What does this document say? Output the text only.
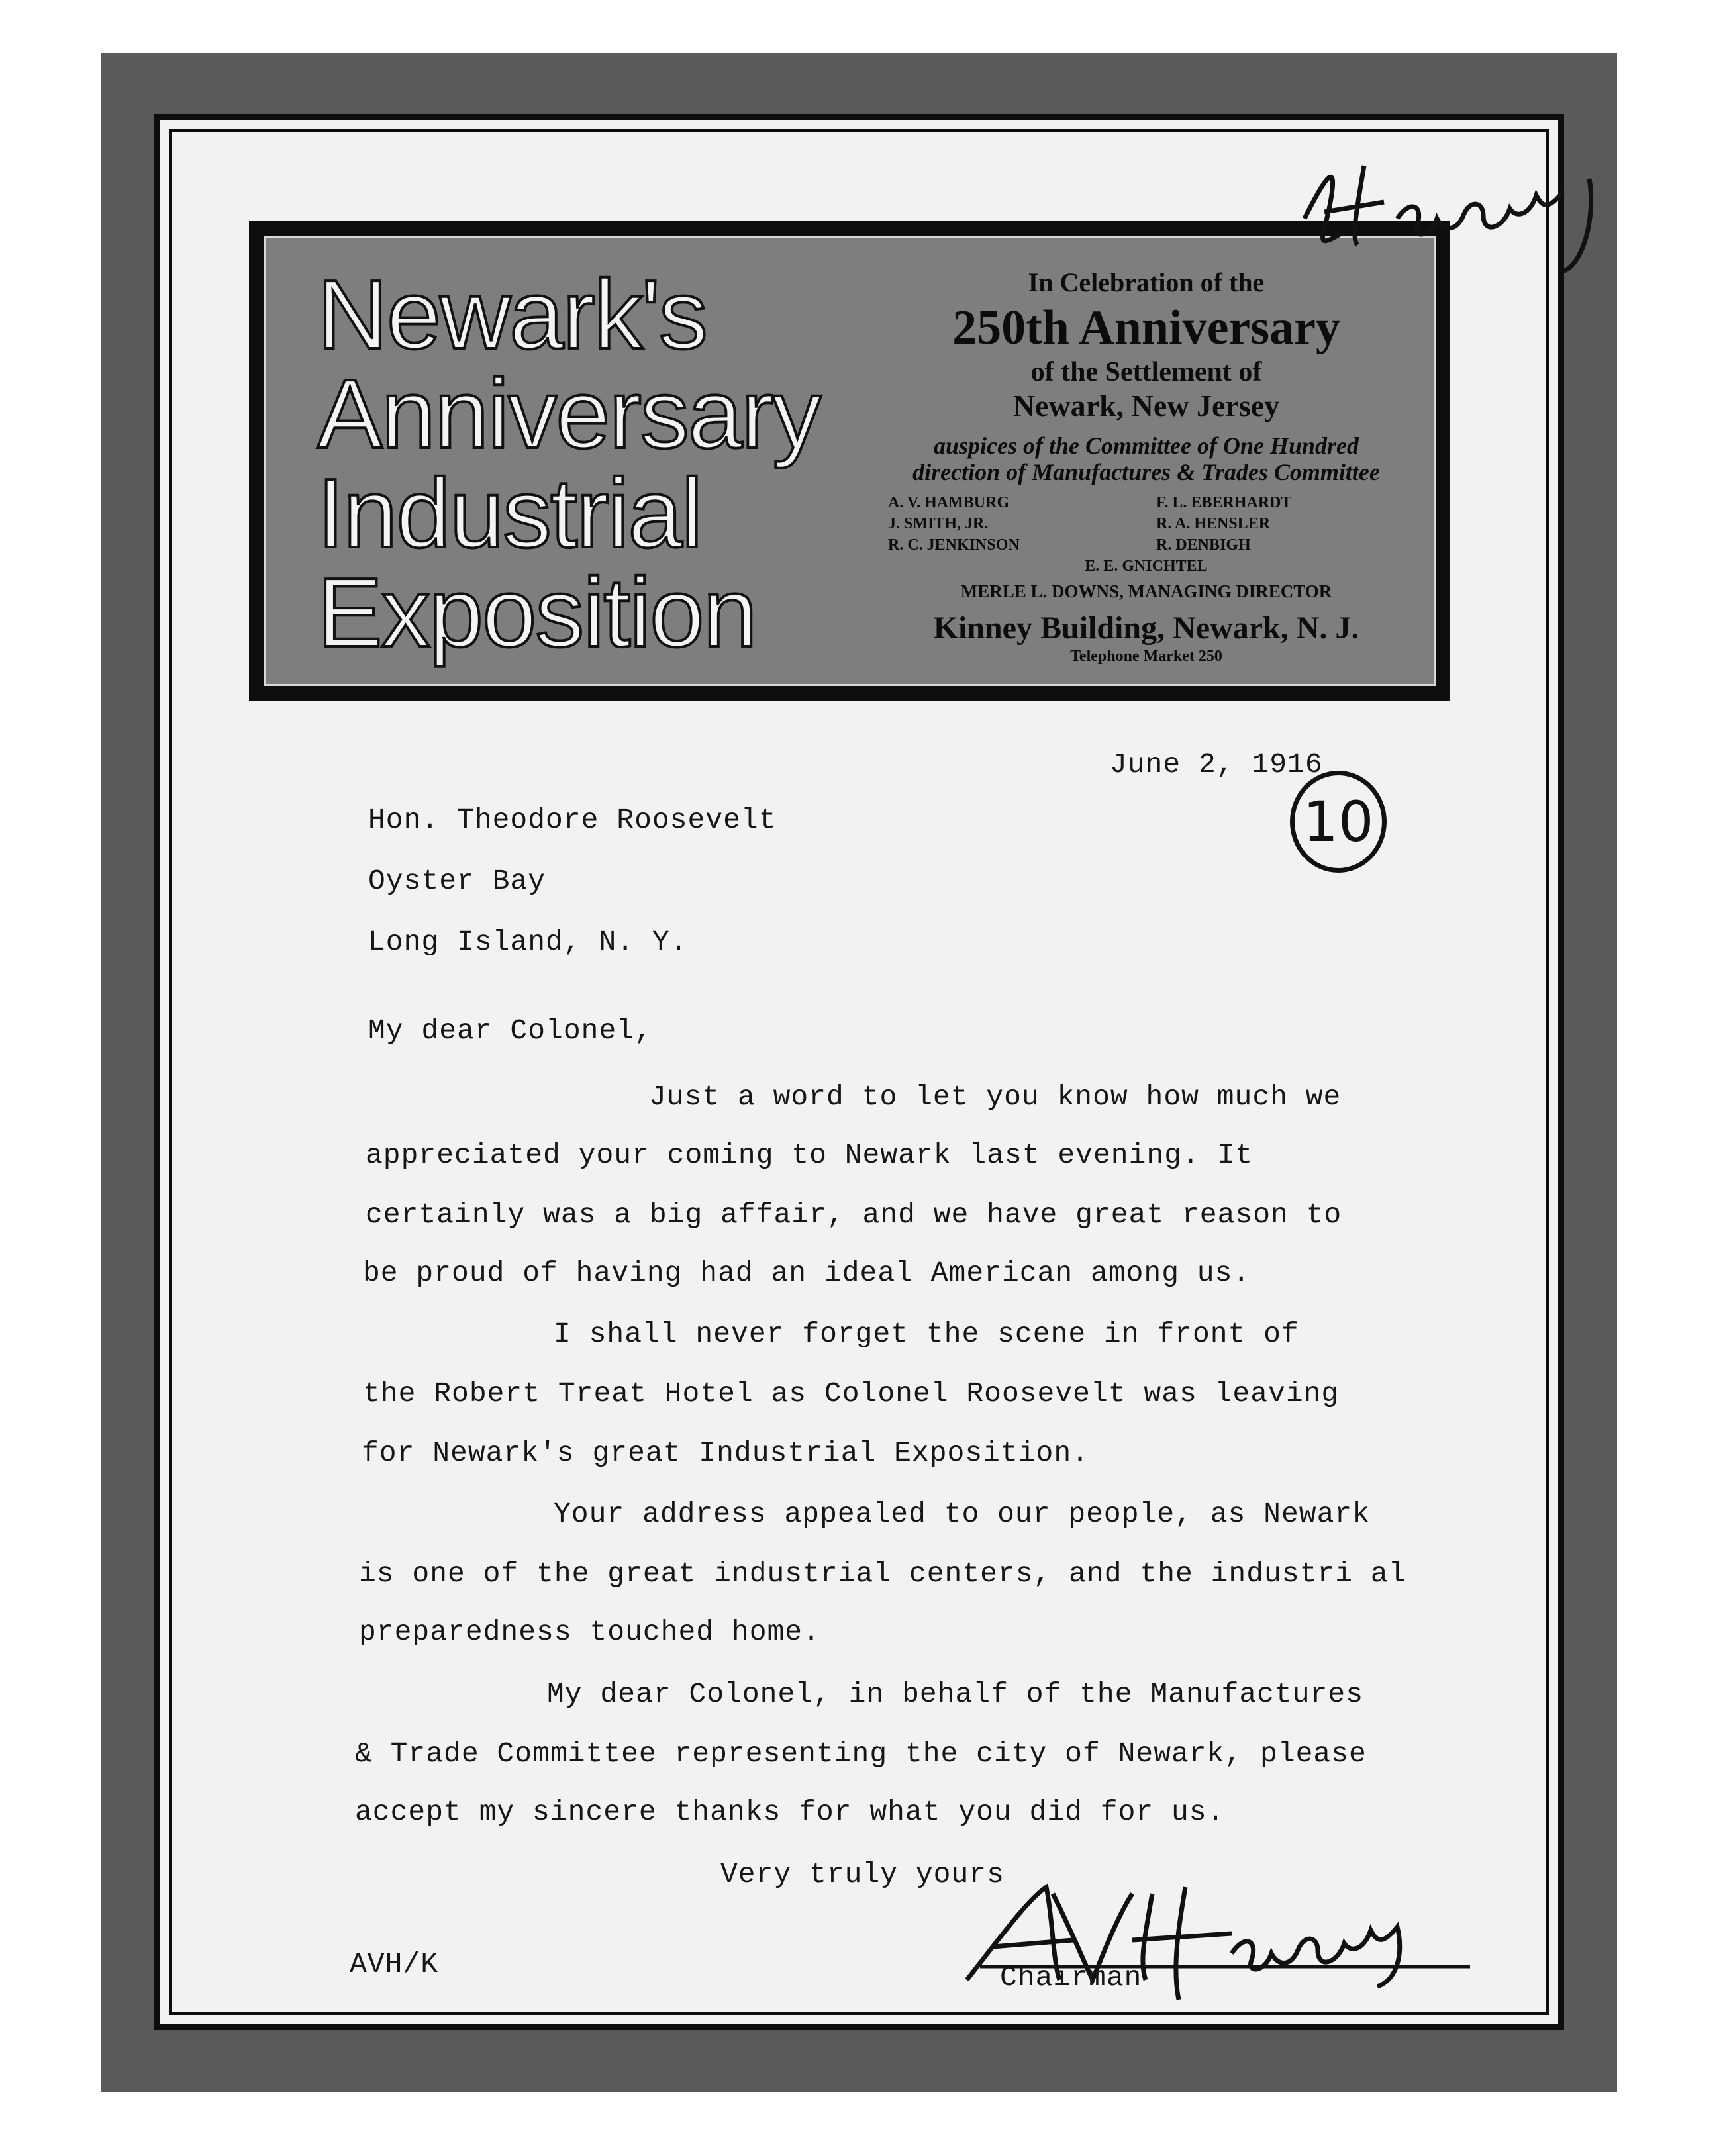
Newark's
Anniversary
Industrial
Exposition
In Celebration of the
250th Anniversary
of the Settlement of
Newark, New Jersey
auspices of the Committee of One Hundred
direction of Manufactures & Trades Committee
A. V. HAMBURG	F. L. EBERHARDT
J. SMITH, JR.	R. A. HENSLER
R. C. JENKINSON	R. DENBIGH
E. E. GNICHTEL
MERLE L. DOWNS, MANAGING DIRECTOR
Kinney Building, Newark, N. J.
Telephone Market 250
10
June 2, 1916
Hon. Theodore Roosevelt
Oyster Bay
Long Island, N. Y.
My dear Colonel,
Just a word to let you know how much we
appreciated your coming to Newark last evening. It
certainly was a big affair, and we have great reason to
be proud of having had an ideal American among us.
I shall never forget the scene in front of
the Robert Treat Hotel as Colonel Roosevelt was leaving
for Newark's great Industrial Exposition.
Your address appealed to our people, as Newark
is one of the great industrial centers, and the industri al
preparedness touched home.
My dear Colonel, in behalf of the Manufactures
& Trade Committee representing the city of Newark, please
accept my sincere thanks for what you did for us.
Very truly yours
Chairman
AVH/K
